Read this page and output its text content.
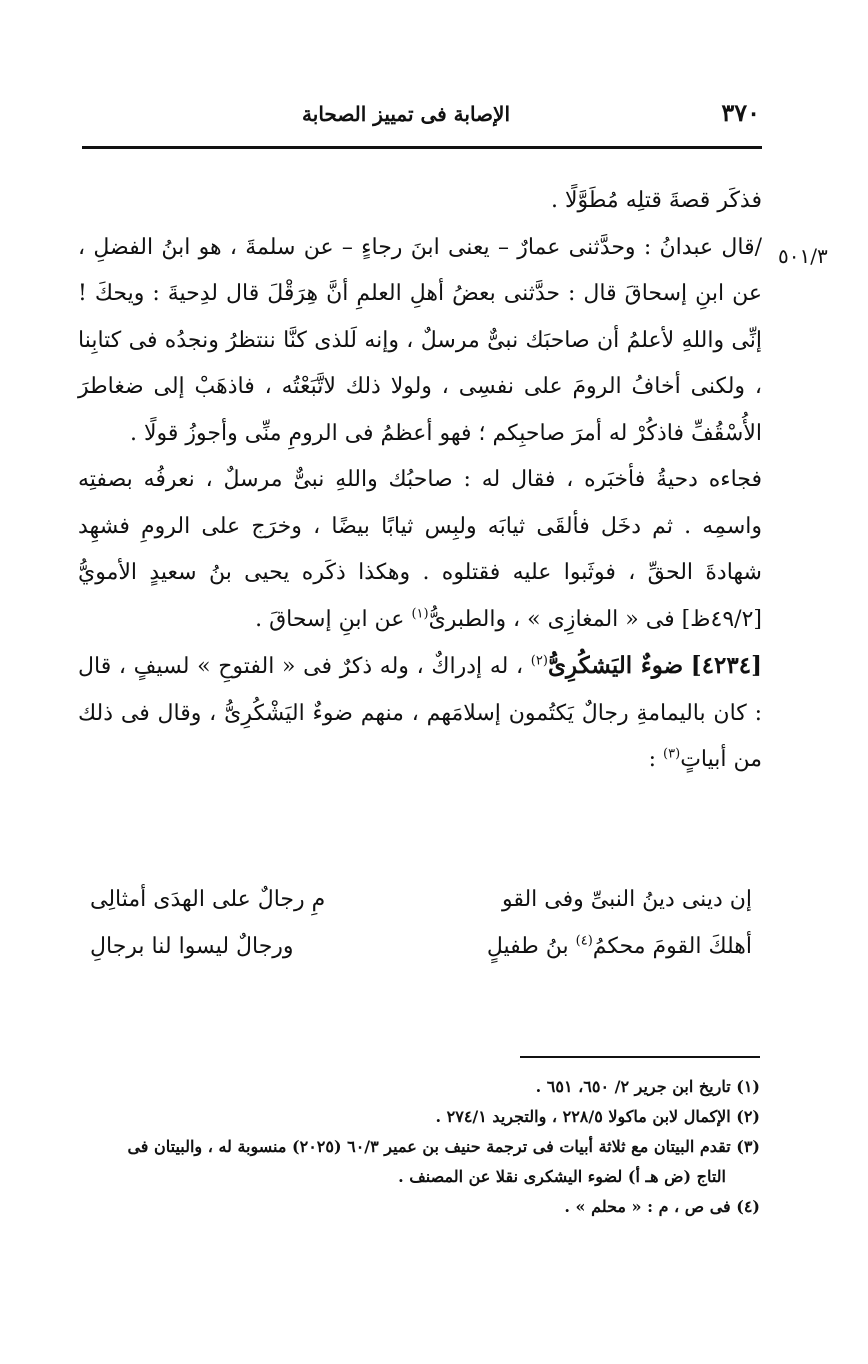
٣٧٠
الإصابة فى تمييز الصحابة
٥٠١/٣

فذكَر قصةَ قتلِه مُطَوَّلًا .

/قال عبدانُ : وحدَّثنى عمارٌ – يعنى ابنَ رجاءٍ – عن سلمةَ ، هو ابنُ الفضلِ ، عن ابنِ إسحاقَ قال : حدَّثنى بعضُ أهلِ العلمِ أنَّ هِرَقْلَ قال لدِحيةَ : ويحكَ ! إنِّى واللهِ لأعلمُ أن صاحبَك نبىٌّ مرسلٌ ، وإنه لَلذى كنَّا ننتظرُ ونجدُه فى كتابِنا ، ولكنى أخافُ الرومَ على نفسِى ، ولولا ذلك لاتَّبَعْتُه ، فاذهَبْ إلى ضغاطرَ الأُسْقُفِّ فاذكُرْ له أمرَ صاحبِكم ؛ فهو أعظمُ فى الرومِ منِّى وأجوزُ قولًا .

فجاءه دحيةُ فأخبَره ، فقال له : صاحبُك واللهِ نبىٌّ مرسلٌ ، نعرفُه بصفتِه واسمِه . ثم دخَل فألقَى ثيابَه ولبِس ثيابًا بيضًا ، وخرَج على الرومِ فشهِد شهادةَ الحقِّ ، فوثَبوا عليه فقتلوه . وهكذا ذكَره يحيى بنُ سعيدٍ الأمويُّ [٤٩/٢ظ] فى « المغازِى » ، والطبرىُّ$^{(١)}$ عن ابنِ إسحاقَ .

[٤٢٣٤] ضوءٌ اليَشكُرِىُّ$^{(٢)}$ ، له إدراكٌ ، وله ذكرٌ فى « الفتوحِ » لسيفٍ ، قال : كان باليمامةِ رجالٌ يَكتُمون إسلامَهم ، منهم ضوءٌ اليَشْكُرِىُّ ، وقال فى ذلك من أبياتٍ$^{(٣)}$ :

إن دينى دينُ النبىِّ وفى القو
مِ رجالٌ على الهدَى أمثالِى
أهلكَ القومَ محكمُ$^{(٤)}$ بنُ طفيلٍ
ورجالٌ ليسوا لنا برجالِ

(١) تاريخ ابن جرير ٢/ ٦٥٠، ٦٥١ .

(٢) الإكمال لابن ماكولا ٢٢٨/٥ ، والتجريد ٢٧٤/١ .

(٣) تقدم البيتان مع ثلاثة أبيات فى ترجمة حنيف بن عمير ٦٠/٣ (٢٠٢٥) منسوبة له ، والبيتان فى

التاج (ض هـ أ) لضوء اليشكرى نقلا عن المصنف .

(٤) فى ص ، م : « محلم » .
